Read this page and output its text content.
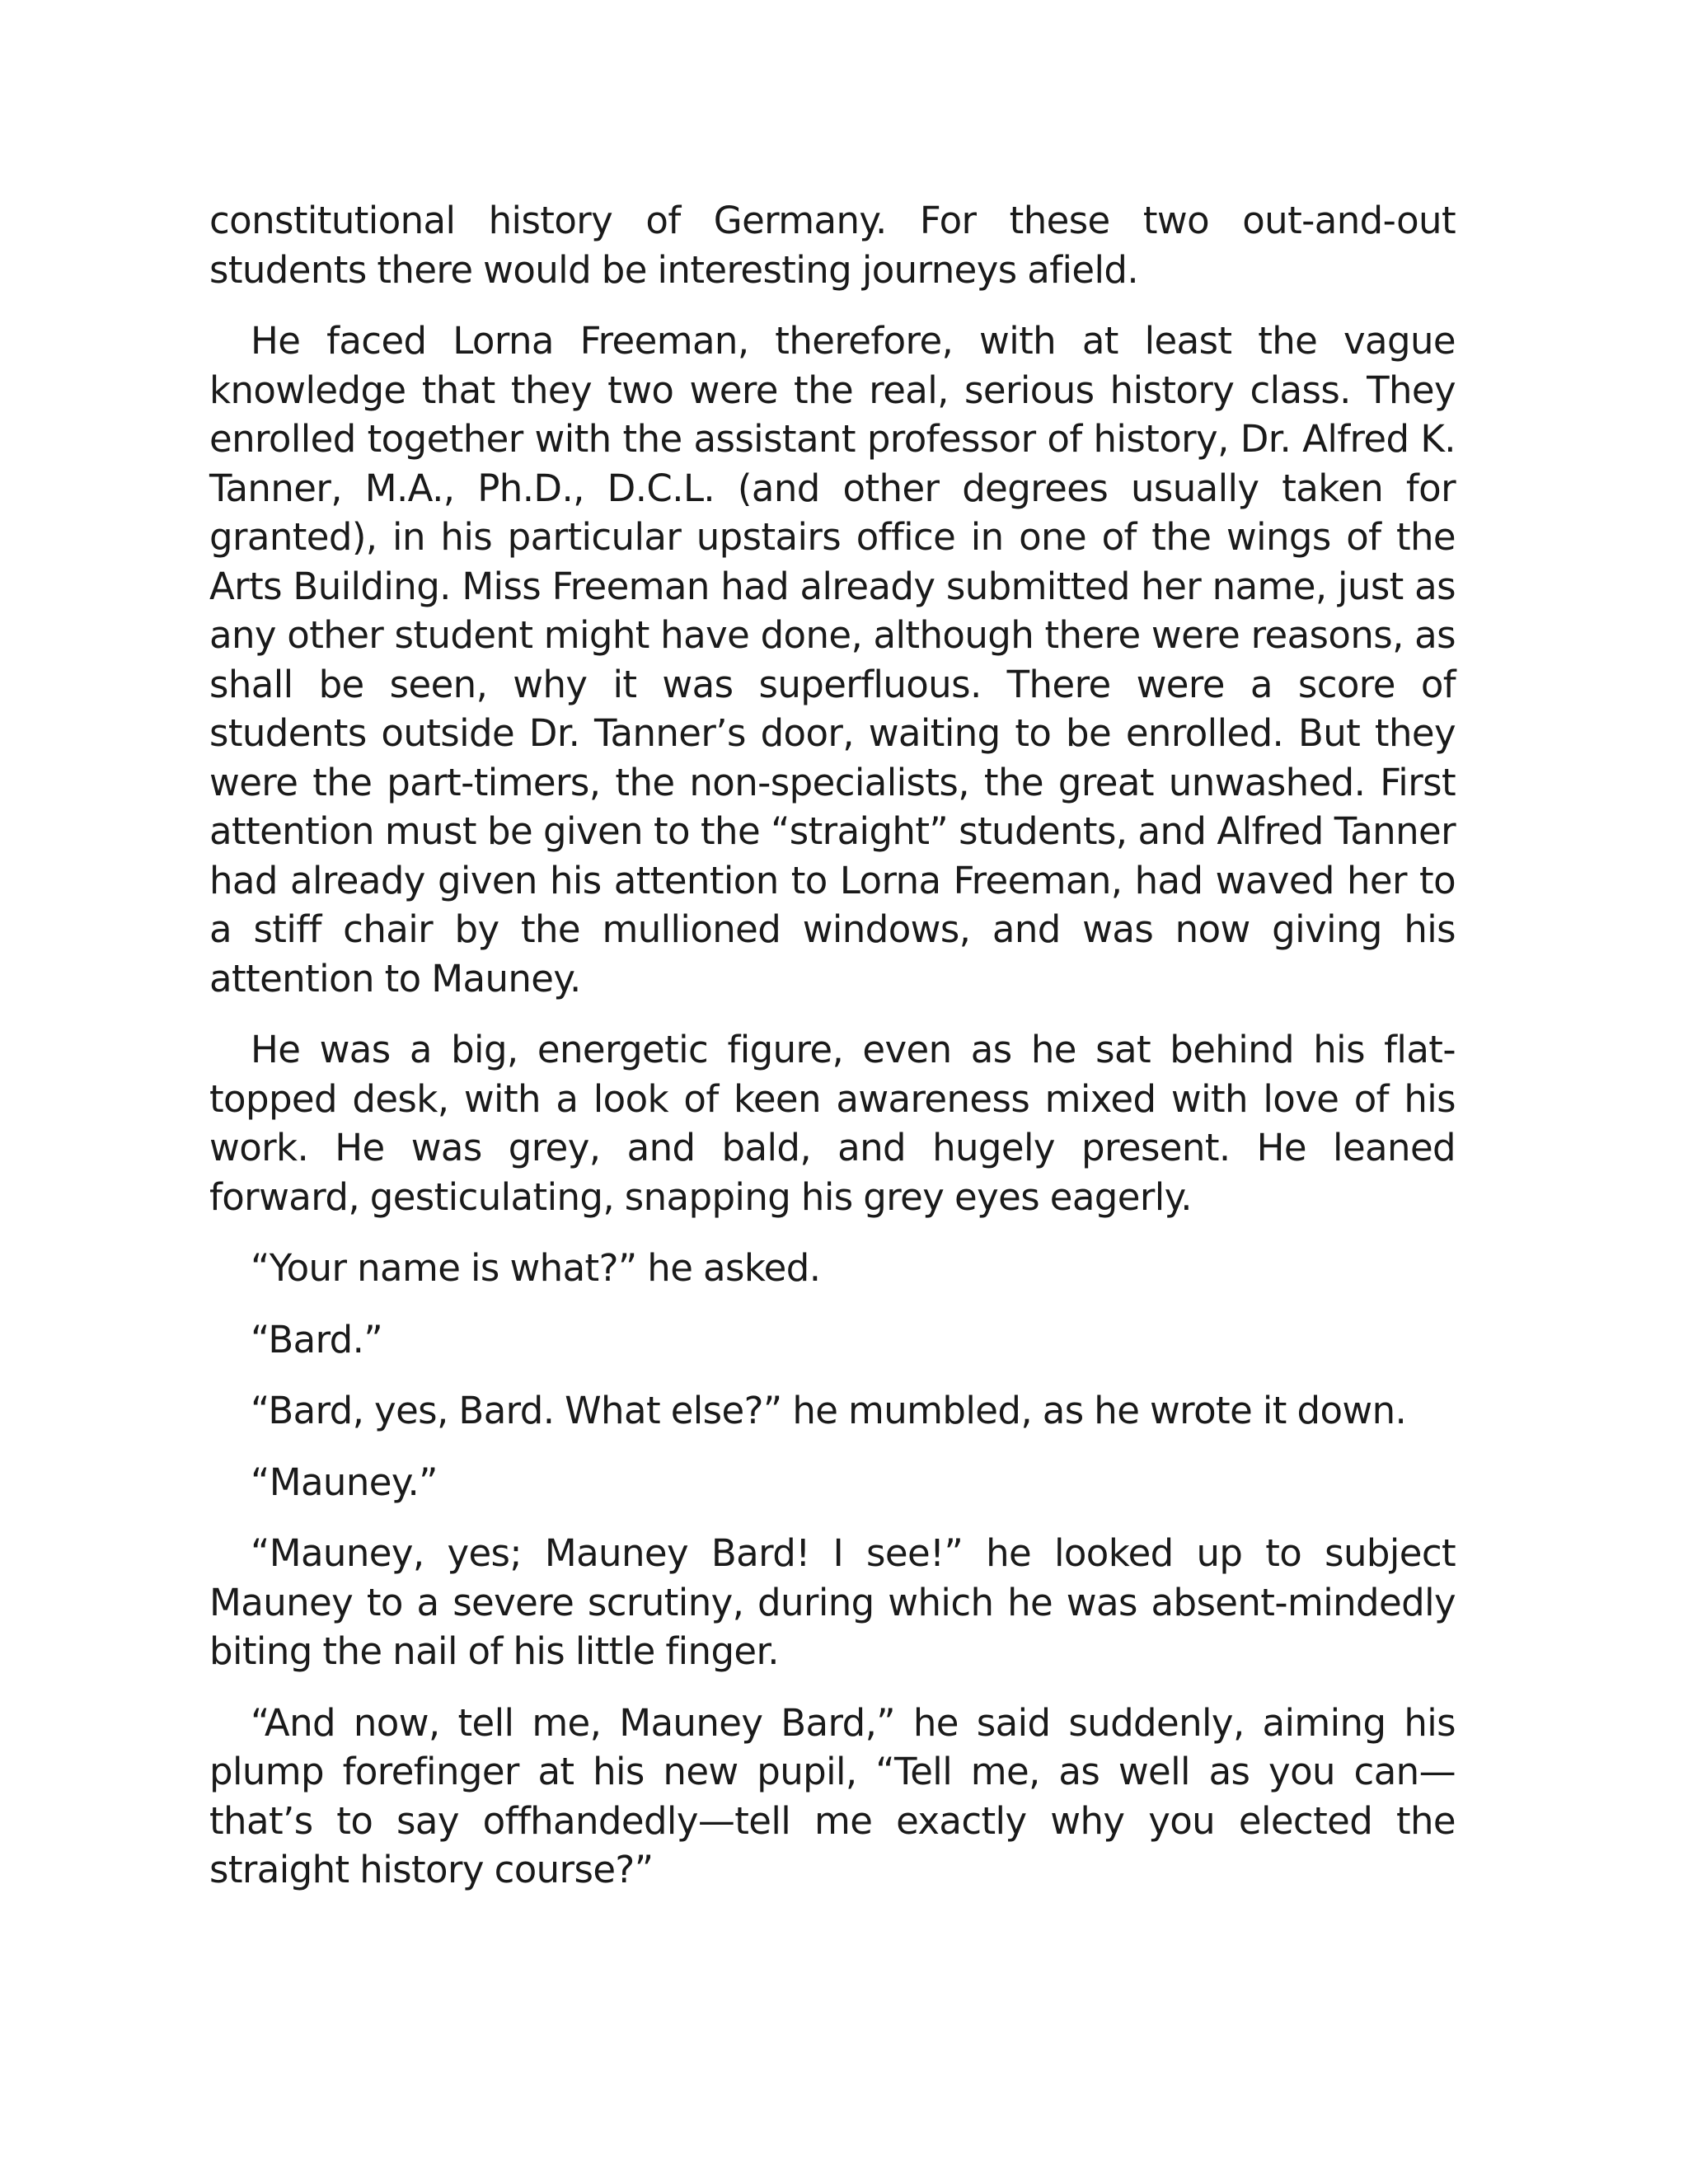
constitutional history of Germany. For these two out-and-out students there would be interesting journeys afield.

He faced Lorna Freeman, therefore, with at least the vague knowledge that they two were the real, serious history class. They enrolled together with the assistant professor of history, Dr. Alfred K. Tanner, M.A., Ph.D., D.C.L. (and other degrees usually taken for granted), in his particular upstairs office in one of the wings of the Arts Building. Miss Freeman had already submitted her name, just as any other student might have done, although there were reasons, as shall be seen, why it was superfluous. There were a score of students outside Dr. Tanner’s door, waiting to be enrolled. But they were the part-timers, the non-specialists, the great unwashed. First attention must be given to the “straight” students, and Alfred Tanner had already given his attention to Lorna Freeman, had waved her to a stiff chair by the mullioned windows, and was now giving his attention to Mauney.

He was a big, energetic figure, even as he sat behind his flat-topped desk, with a look of keen awareness mixed with love of his work. He was grey, and bald, and hugely present. He leaned forward, gesticulating, snapping his grey eyes eagerly.

“Your name is what?” he asked.

“Bard.”

“Bard, yes, Bard. What else?” he mumbled, as he wrote it down.

“Mauney.”

“Mauney, yes; Mauney Bard! I see!” he looked up to subject Mauney to a severe scrutiny, during which he was absent-mindedly biting the nail of his little finger.

“And now, tell me, Mauney Bard,” he said suddenly, aiming his plump forefinger at his new pupil, “Tell me, as well as you can—that’s to say offhandedly—tell me exactly why you elected the straight history course?”
